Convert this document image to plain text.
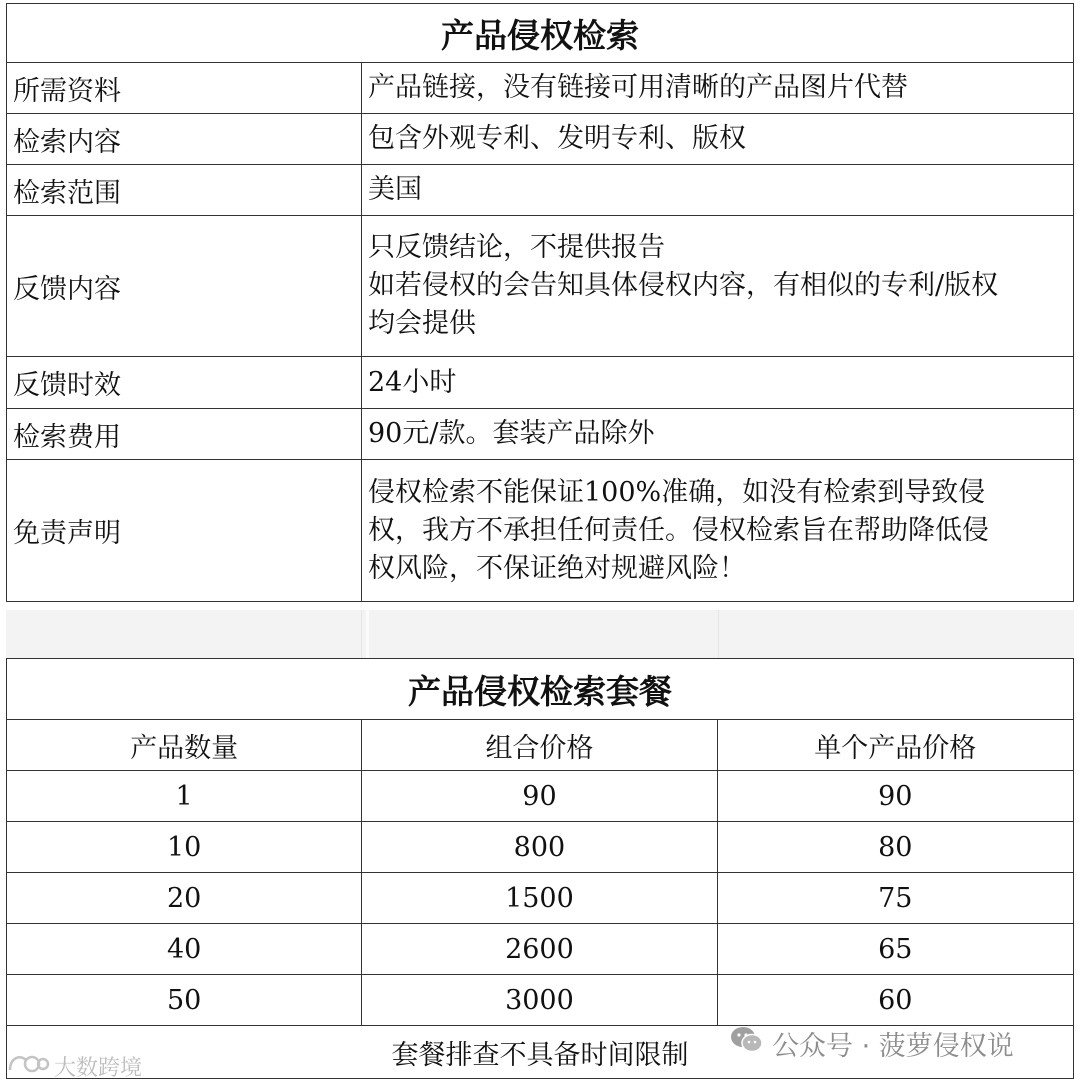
产品侵权检索	
所需资料	产品链接，没有链接可用清晰的产品图片代替

检索内容	包含外观专利、发明专利、版权

检索范围	美国

反馈内容	只反馈结论，不提供报告
如若侵权的会告知具体侵权内容，有相似的专利/版权
均会提供

反馈时效	24小时

检索费用	90元/款。套装产品除外

免责声明	侵权检索不能保证100%准确，如没有检索到导致侵
权，我方不承担任何责任。侵权检索旨在帮助降低侵
权风险，不保证绝对规避风险！
产品侵权检索套餐		
产品数量	组合价格	单个产品价格
1	90	90
10	800	80
20	1500	75
40	2600	65
50	3000	60
套餐排查不具备时间限制			公众号 · 菠萝侵权说
大数跨境
